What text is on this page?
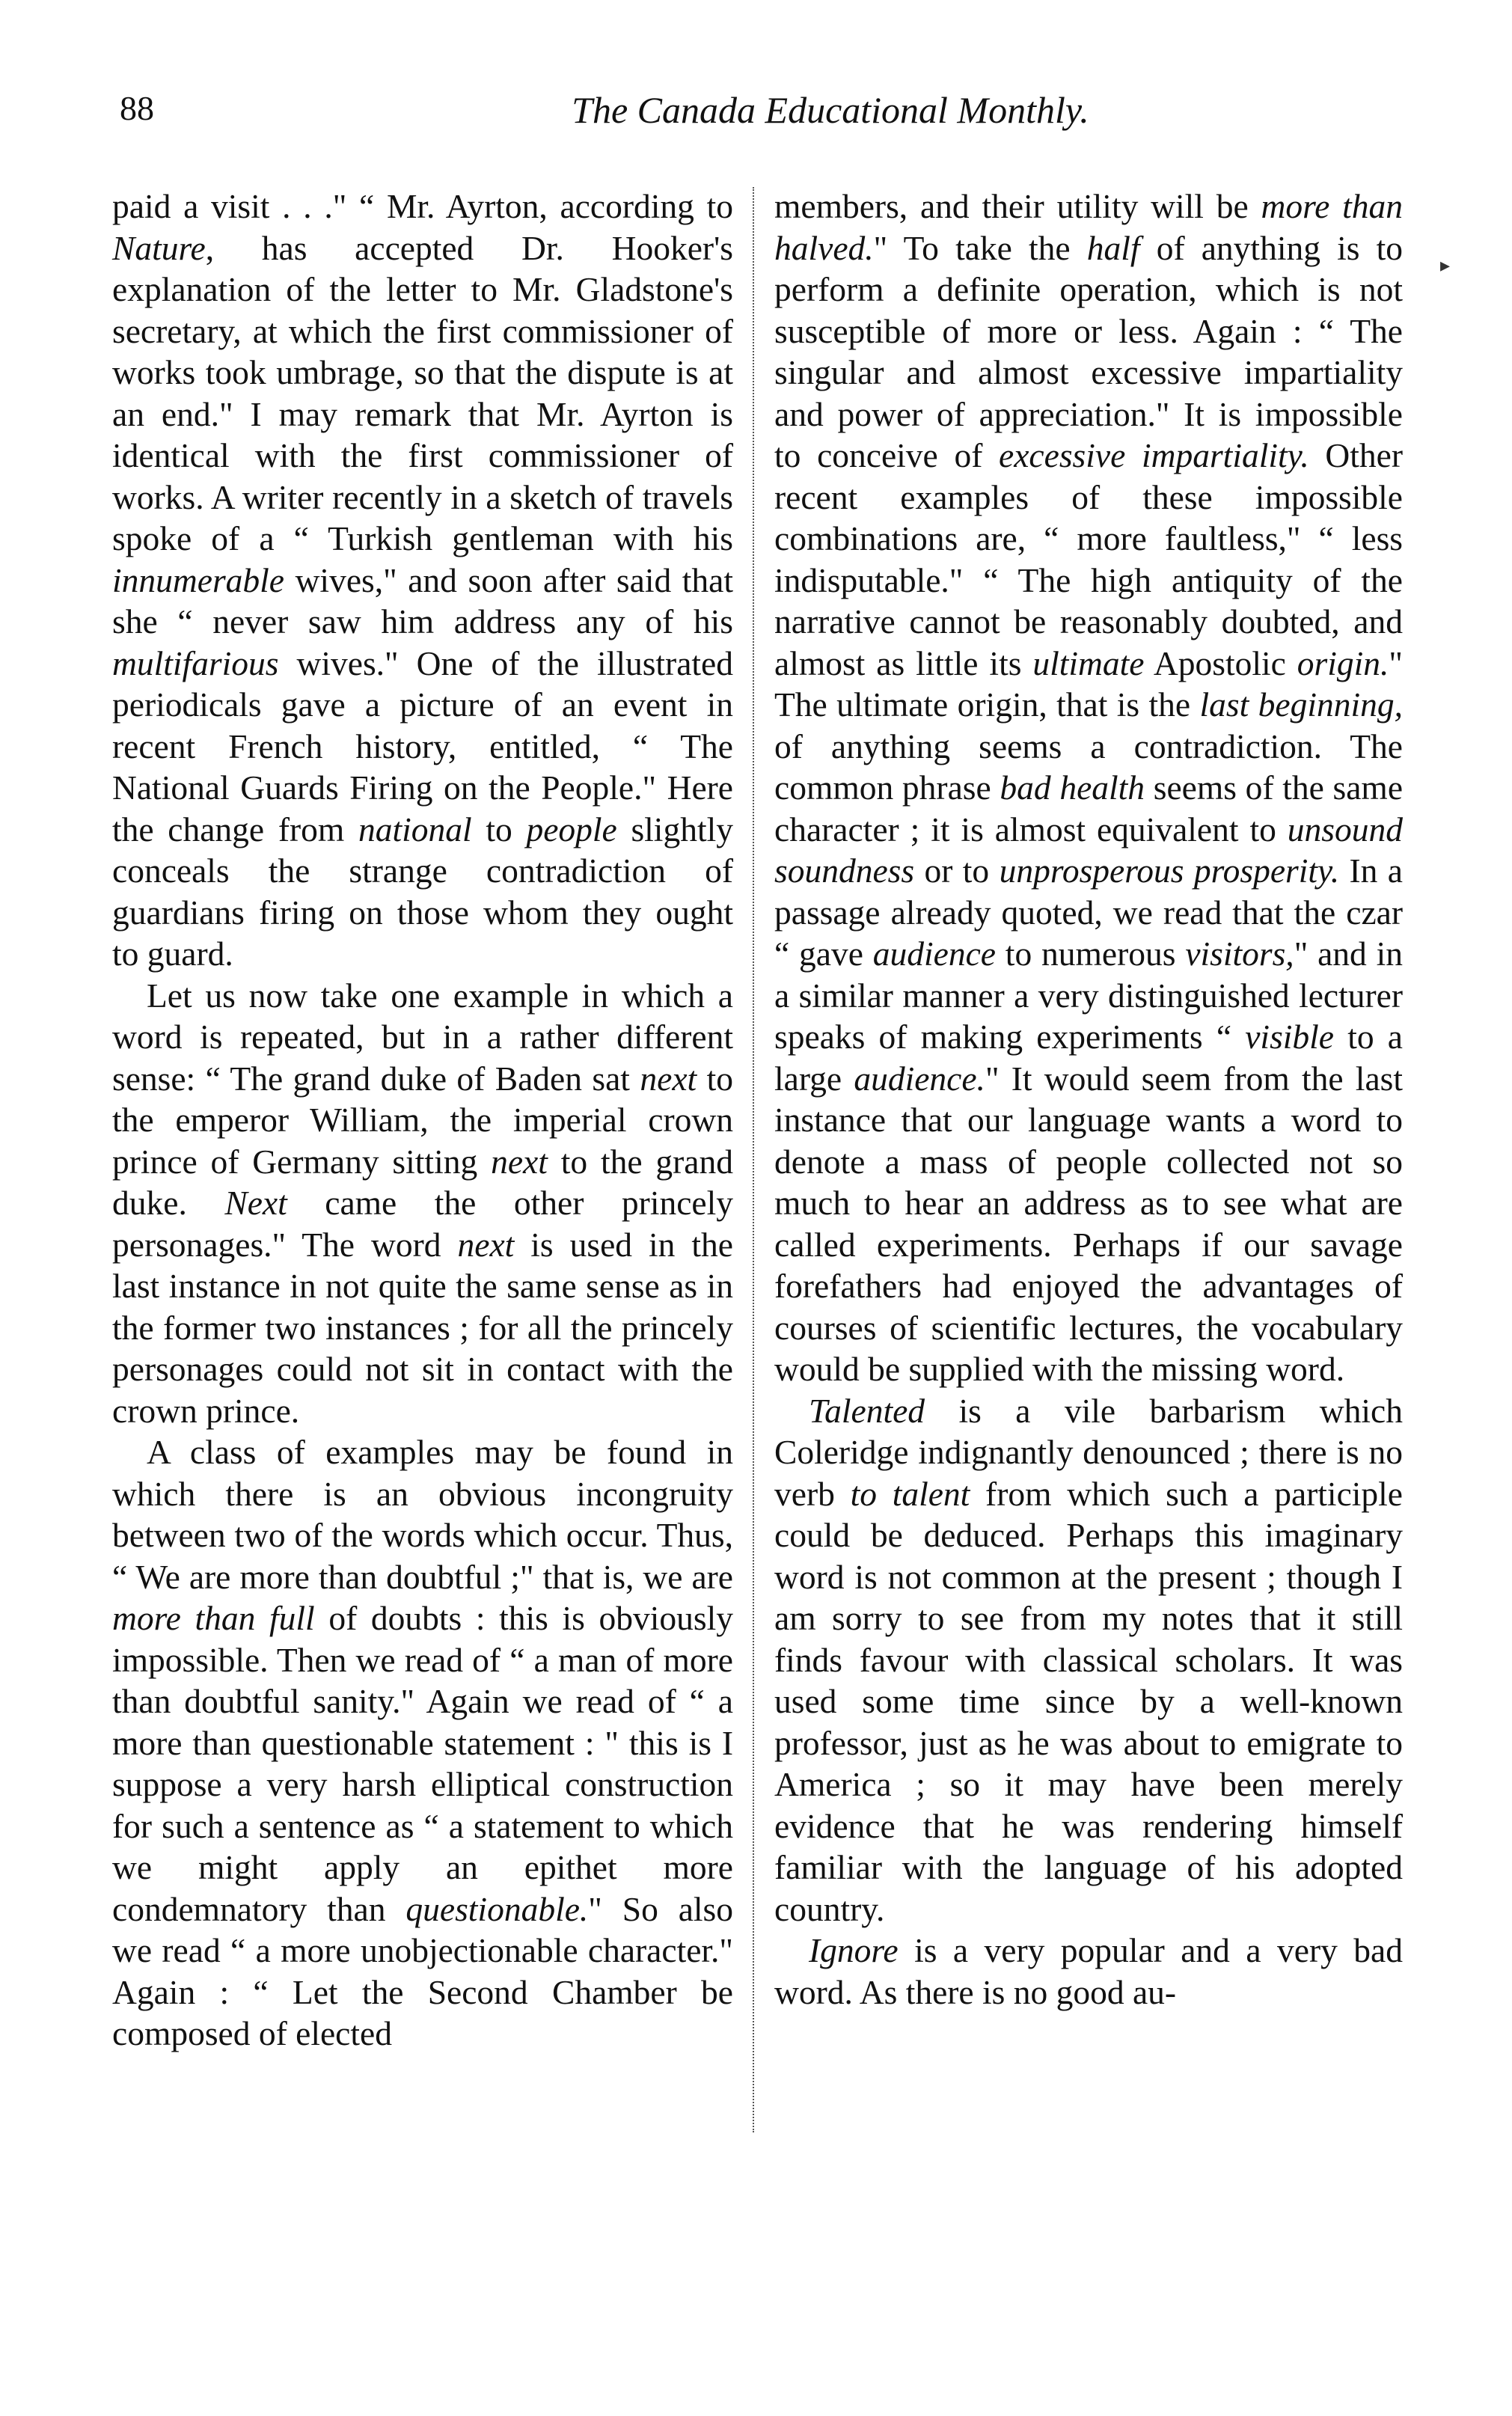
88	The Canada Educational Monthly.

paid a visit . . ." “ Mr. Ayrton, according to Nature, has accepted Dr. Hooker's explanation of the letter to Mr. Gladstone's secretary, at which the first commissioner of works took umbrage, so that the dispute is at an end." I may remark that Mr. Ayrton is identical with the first commissioner of works. A writer recently in a sketch of travels spoke of a “ Turkish gentleman with his innumerable wives," and soon after said that she “ never saw him address any of his multifarious wives." One of the illustrated periodicals gave a picture of an event in recent French history, entitled, “ The National Guards Firing on the People." Here the change from national to people slightly conceals the strange contradiction of guardians firing on those whom they ought to guard.

Let us now take one example in which a word is repeated, but in a rather different sense: “ The grand duke of Baden sat next to the emperor William, the imperial crown prince of Germany sitting next to the grand duke. Next came the other princely personages." The word next is used in the last instance in not quite the same sense as in the former two instances ; for all the princely personages could not sit in contact with the crown prince.

A class of examples may be found in which there is an obvious incongruity between two of the words which occur. Thus, “ We are more than doubtful ;" that is, we are more than full of doubts : this is obviously impossible. Then we read of “ a man of more than doubtful sanity." Again we read of “ a more than questionable statement : " this is I suppose a very harsh elliptical construction for such a sentence as “ a statement to which we might apply an epithet more condemnatory than questionable." So also we read “ a more unobjectionable character." Again : “ Let the Second Chamber be composed of elected

members, and their utility will be more than halved." To take the half of anything is to perform a definite operation, which is not susceptible of more or less. Again : “ The singular and almost excessive impartiality and power of appreciation." It is impossible to conceive of excessive impartiality. Other recent examples of these impossible combinations are, “ more faultless," “ less indisputable." “ The high antiquity of the narrative cannot be reasonably doubted, and almost as little its ultimate Apostolic origin." The ultimate origin, that is the last beginning, of anything seems a contradiction. The common phrase bad health seems of the same character ; it is almost equivalent to unsound soundness or to unprosperous prosperity. In a passage already quoted, we read that the czar “ gave audience to numerous visitors," and in a similar manner a very distinguished lecturer speaks of making experiments “ visible to a large audience." It would seem from the last instance that our language wants a word to denote a mass of people collected not so much to hear an address as to see what are called experiments. Perhaps if our savage forefathers had enjoyed the advantages of courses of scientific lectures, the vocabulary would be supplied with the missing word.

Talented is a vile barbarism which Coleridge indignantly denounced ; there is no verb to talent from which such a participle could be deduced. Perhaps this imaginary word is not common at the present ; though I am sorry to see from my notes that it still finds favour with classical scholars. It was used some time since by a well-known professor, just as he was about to emigrate to America ; so it may have been merely evidence that he was rendering himself familiar with the language of his adopted country.

Ignore is a very popular and a very bad word. As there is no good au-

▸
